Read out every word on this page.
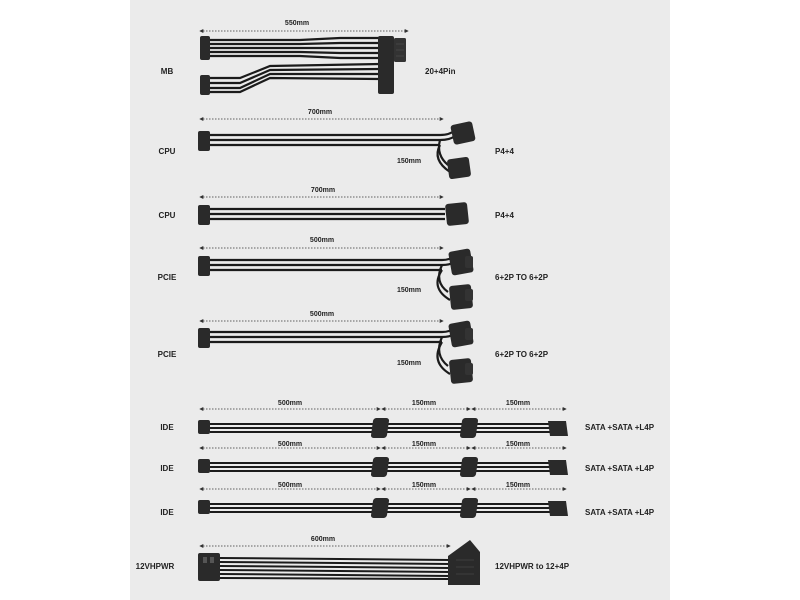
MB
CPU
CPU
PCIE
PCIE
IDE
IDE
IDE
12VHPWR
20+4Pin
P4+4
P4+4
6+2P TO 6+2P
6+2P TO 6+2P
SATA +SATA +L4P
SATA +SATA +L4P
SATA +SATA +L4P
12VHPWR to 12+4P
550mm
700mm
150mm
700mm
500mm
150mm
500mm
150mm
500mm	150mm	150mm
500mm	150mm	150mm
500mm	150mm	150mm
600mm
